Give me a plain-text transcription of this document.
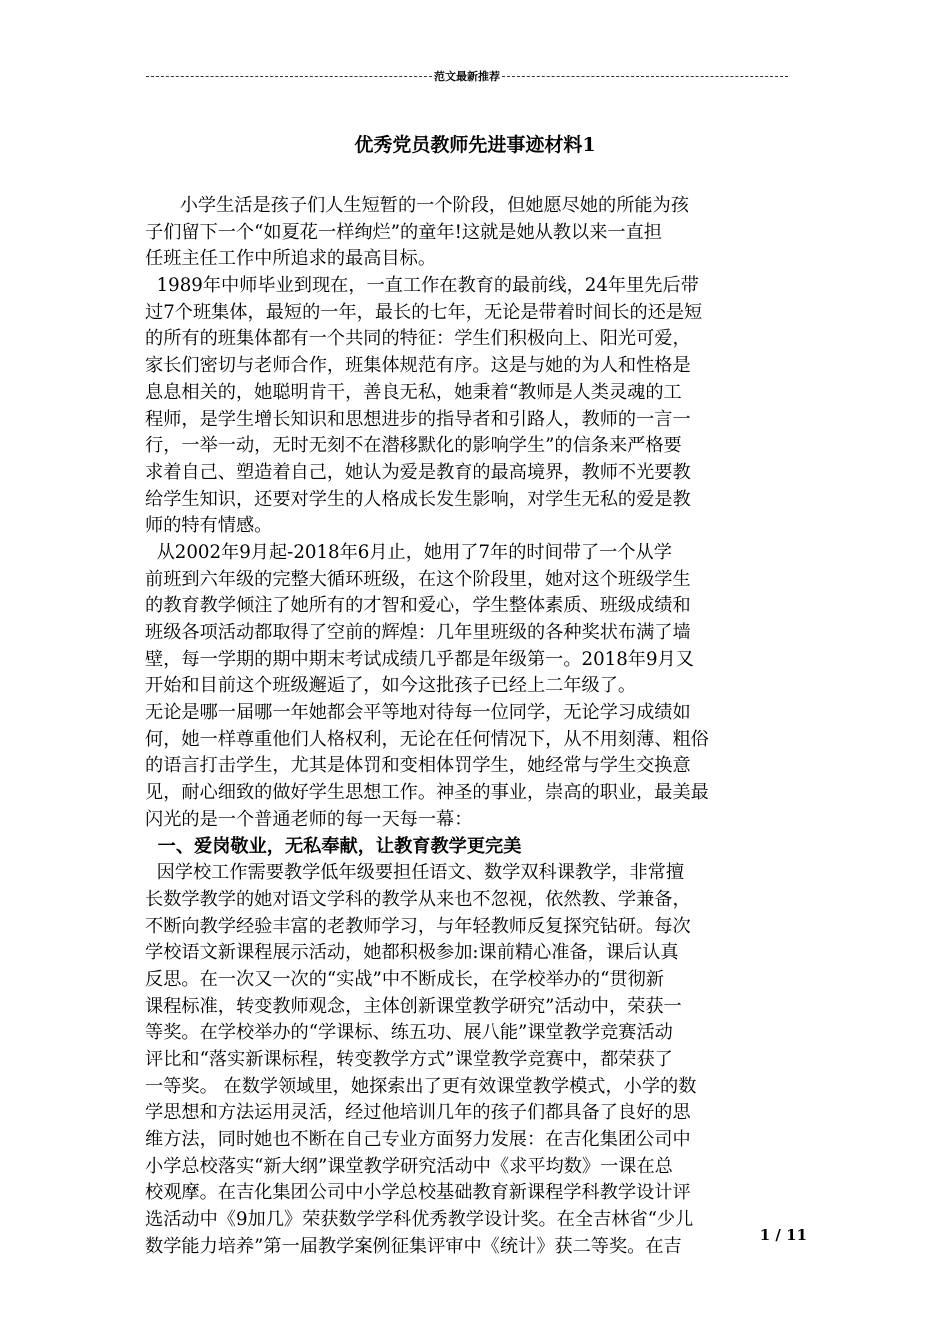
范文最新推荐
优秀党员教师先进事迹材料1
小学生活是孩子们人生短暂的一个阶段，但她愿尽她的所能为孩
子们留下一个“如夏花一样绚烂”的童年!这就是她从教以来一直担
任班主任工作中所追求的最高目标。
1989年中师毕业到现在，一直工作在教育的最前线，24年里先后带
过7个班集体，最短的一年，最长的七年，无论是带着时间长的还是短
的所有的班集体都有一个共同的特征：学生们积极向上、阳光可爱，
家长们密切与老师合作，班集体规范有序。这是与她的为人和性格是
息息相关的，她聪明肯干，善良无私，她秉着“教师是人类灵魂的工
程师，是学生增长知识和思想进步的指导者和引路人，教师的一言一
行，一举一动，无时无刻不在潜移默化的影响学生”的信条来严格要
求着自己、塑造着自己，她认为爱是教育的最高境界，教师不光要教
给学生知识，还要对学生的人格成长发生影响，对学生无私的爱是教
师的特有情感。
从2002年9月起-2018年6月止，她用了7年的时间带了一个从学
前班到六年级的完整大循环班级，在这个阶段里，她对这个班级学生
的教育教学倾注了她所有的才智和爱心，学生整体素质、班级成绩和
班级各项活动都取得了空前的辉煌：几年里班级的各种奖状布满了墙
壁，每一学期的期中期末考试成绩几乎都是年级第一。2018年9月又
开始和目前这个班级邂逅了，如今这批孩子已经上二年级了。
无论是哪一届哪一年她都会平等地对待每一位同学，无论学习成绩如
何，她一样尊重他们人格权利，无论在任何情况下，从不用刻薄、粗俗
的语言打击学生，尤其是体罚和变相体罚学生，她经常与学生交换意
见，耐心细致的做好学生思想工作。神圣的事业，崇高的职业，最美最
闪光的是一个普通老师的每一天每一幕：
一、爱岗敬业，无私奉献，让教育教学更完美
因学校工作需要教学低年级要担任语文、数学双科课教学，非常擅
长数学教学的她对语文学科的教学从来也不忽视，依然教、学兼备，
不断向教学经验丰富的老教师学习，与年轻教师反复探究钻研。每次
学校语文新课程展示活动，她都积极参加:课前精心准备，课后认真
反思。在一次又一次的“实战”中不断成长，在学校举办的“贯彻新
课程标准，转变教师观念，主体创新课堂教学研究”活动中，荣获一
等奖。在学校举办的“学课标、练五功、展八能”课堂教学竞赛活动
评比和“落实新课标程，转变教学方式”课堂教学竞赛中，都荣获了
一等奖。 在数学领域里，她探索出了更有效课堂教学模式，小学的数
学思想和方法运用灵活，经过他培训几年的孩子们都具备了良好的思
维方法，同时她也不断在自己专业方面努力发展：在吉化集团公司中
小学总校落实“新大纲”课堂教学研究活动中《求平均数》一课在总
校观摩。在吉化集团公司中小学总校基础教育新课程学科教学设计评
选活动中《9加几》荣获数学学科优秀教学设计奖。在全吉林省“少儿
数学能力培养”第一届教学案例征集评审中《统计》获二等奖。在吉
1 / 11
